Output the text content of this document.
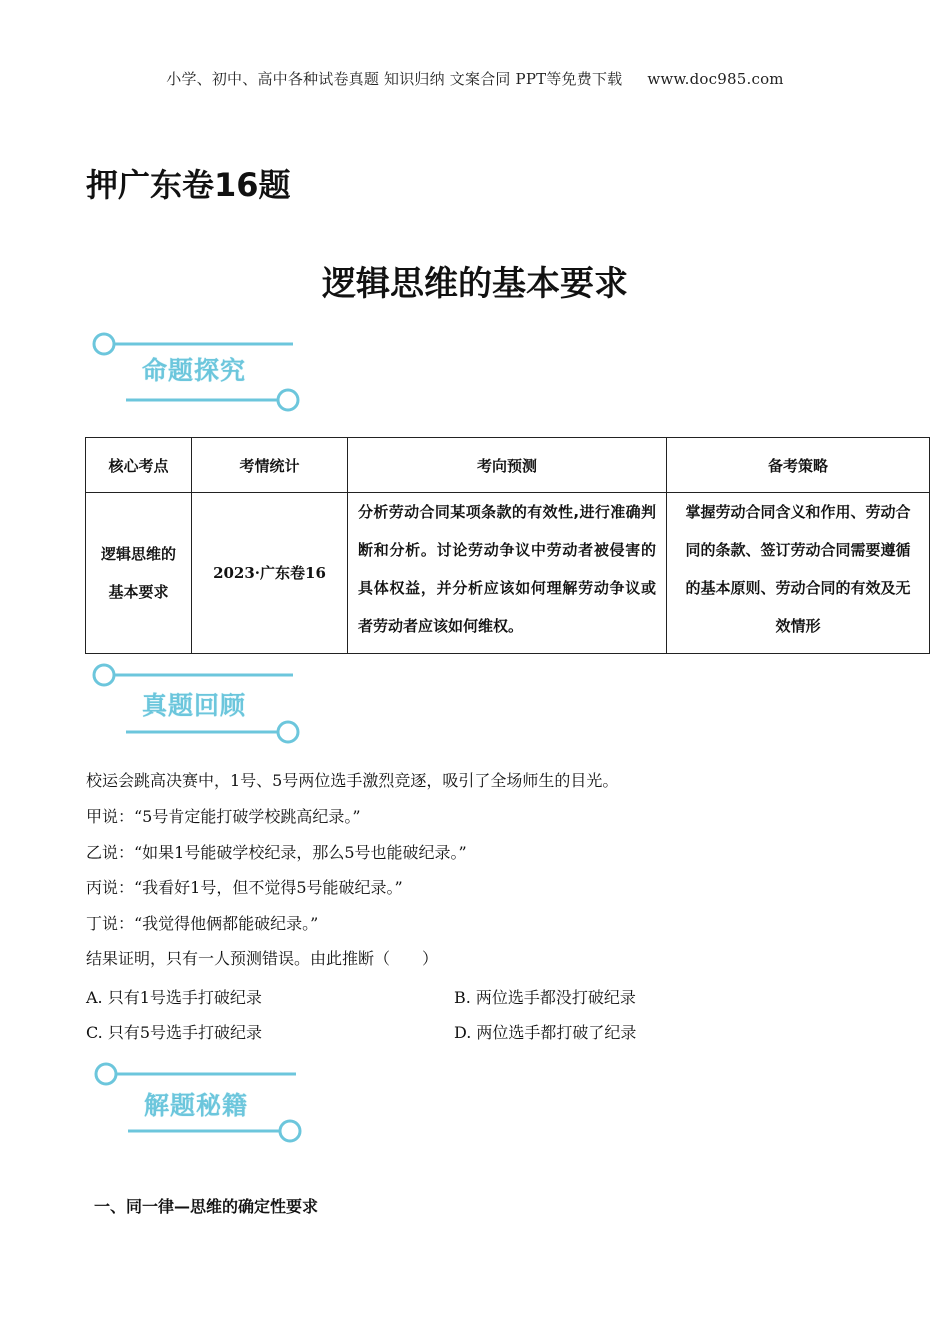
小学、初中、高中各种试卷真题 知识归纳 文案合同 PPT等免费下载 www.doc985.com
押广东卷16题
逻辑思维的基本要求
命题探究
核心考点	考情统计	考向预测	备考策略

逻辑思维的基本要求	2023·广东卷16	分析劳动合同某项条款的有效性,进行准确判断和分析。讨论劳动争议中劳动者被侵害的具体权益，并分析应该如何理解劳动争议或者劳动者应该如何维权。	掌握劳动合同含义和作用、劳动合同的条款、签订劳动合同需要遵循的基本原则、劳动合同的有效及无效情形
真题回顾
校运会跳高决赛中，1号、5号两位选手激烈竞逐，吸引了全场师生的目光。
甲说：“5号肯定能打破学校跳高纪录。”
乙说：“如果1号能破学校纪录，那么5号也能破纪录。”
丙说：“我看好1号，但不觉得5号能破纪录。”
丁说：“我觉得他俩都能破纪录。”
结果证明，只有一人预测错误。由此推断（　　）
A. 只有1号选手打破纪录	B. 两位选手都没打破纪录
C. 只有5号选手打破纪录	D. 两位选手都打破了纪录
解题秘籍
一、同一律—思维的确定性要求
